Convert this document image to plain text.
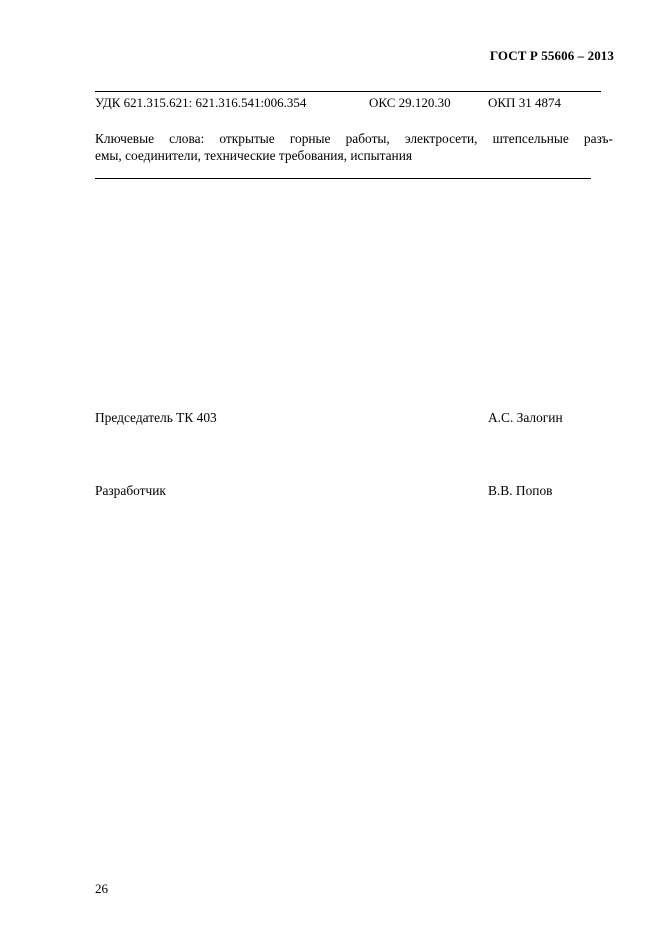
ГОСТ Р 55606 – 2013
УДК 621.315.621: 621.316.541:006.354	ОКС 29.120.30	ОКП 31 4874
Ключевые слова: открытые горные работы, электросети, штепсельные разъ-
емы, соединители, технические требования, испытания
Председатель ТК 403	А.С. Залогин
Разработчик	В.В. Попов
26
